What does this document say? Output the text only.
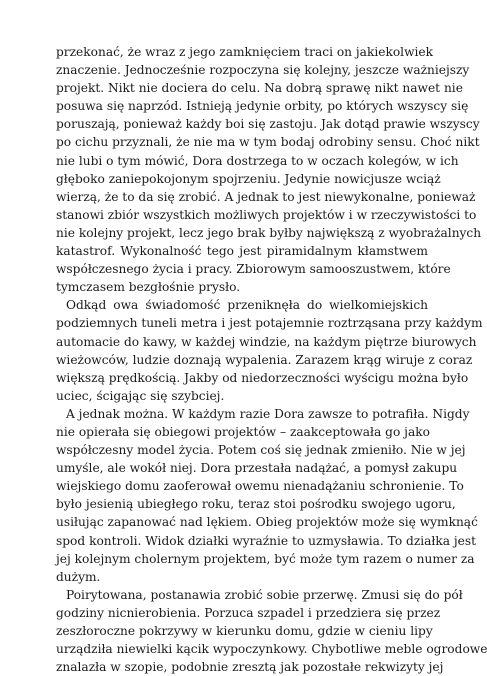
przekonać, że wraz z jego zamknięciem traci on jakiekolwiek
znaczenie. Jednocześnie rozpoczyna się kolejny, jeszcze ważniejszy
projekt. Nikt nie dociera do celu. Na dobrą sprawę nikt nawet nie
posuwa się naprzód. Istnieją jedynie orbity, po których wszyscy się
poruszają, ponieważ każdy boi się zastoju. Jak dotąd prawie wszyscy
po cichu przyznali, że nie ma w tym bodaj odrobiny sensu. Choć nikt
nie lubi o tym mówić, Dora dostrzega to w oczach kolegów, w ich
głęboko zaniepokojonym spojrzeniu. Jedynie nowicjusze wciąż
wierzą, że to da się zrobić. A jednak to jest niewykonalne, ponieważ
stanowi zbiór wszystkich możliwych projektów i w rzeczywistości to
nie kolejny projekt, lecz jego brak byłby największą z wyobrażalnych
katastrof. Wykonalność tego jest piramidalnym kłamstwem
współczesnego życia i pracy. Zbiorowym samooszustwem, które
tymczasem bezgłośnie prysło.
Odkąd owa świadomość przeniknęła do wielkomiejskich
podziemnych tuneli metra i jest potajemnie roztrząsana przy każdym
automacie do kawy, w każdej windzie, na każdym piętrze biurowych
wieżowców, ludzie doznają wypalenia. Zarazem krąg wiruje z coraz
większą prędkością. Jakby od niedorzeczności wyścigu można było
uciec, ścigając się szybciej.
A jednak można. W każdym razie Dora zawsze to potrafiła. Nigdy
nie opierała się obiegowi projektów – zaakceptowała go jako
współczesny model życia. Potem coś się jednak zmieniło. Nie w jej
umyśle, ale wokół niej. Dora przestała nadążać, a pomysł zakupu
wiejskiego domu zaoferował owemu nienadążaniu schronienie. To
było jesienią ubiegłego roku, teraz stoi pośrodku swojego ugoru,
usiłując zapanować nad lękiem. Obieg projektów może się wymknąć
spod kontroli. Widok działki wyraźnie to uzmysławia. To działka jest
jej kolejnym cholernym projektem, być może tym razem o numer za
dużym.
Poirytowana, postanawia zrobić sobie przerwę. Zmusi się do pół
godziny nicnierobienia. Porzuca szpadel i przedziera się przez
zeszłoroczne pokrzywy w kierunku domu, gdzie w cieniu lipy
urządziła niewielki kącik wypoczynkowy. Chybotliwe meble ogrodowe
znalazła w szopie, podobnie zresztą jak pozostałe rekwizyty jej
